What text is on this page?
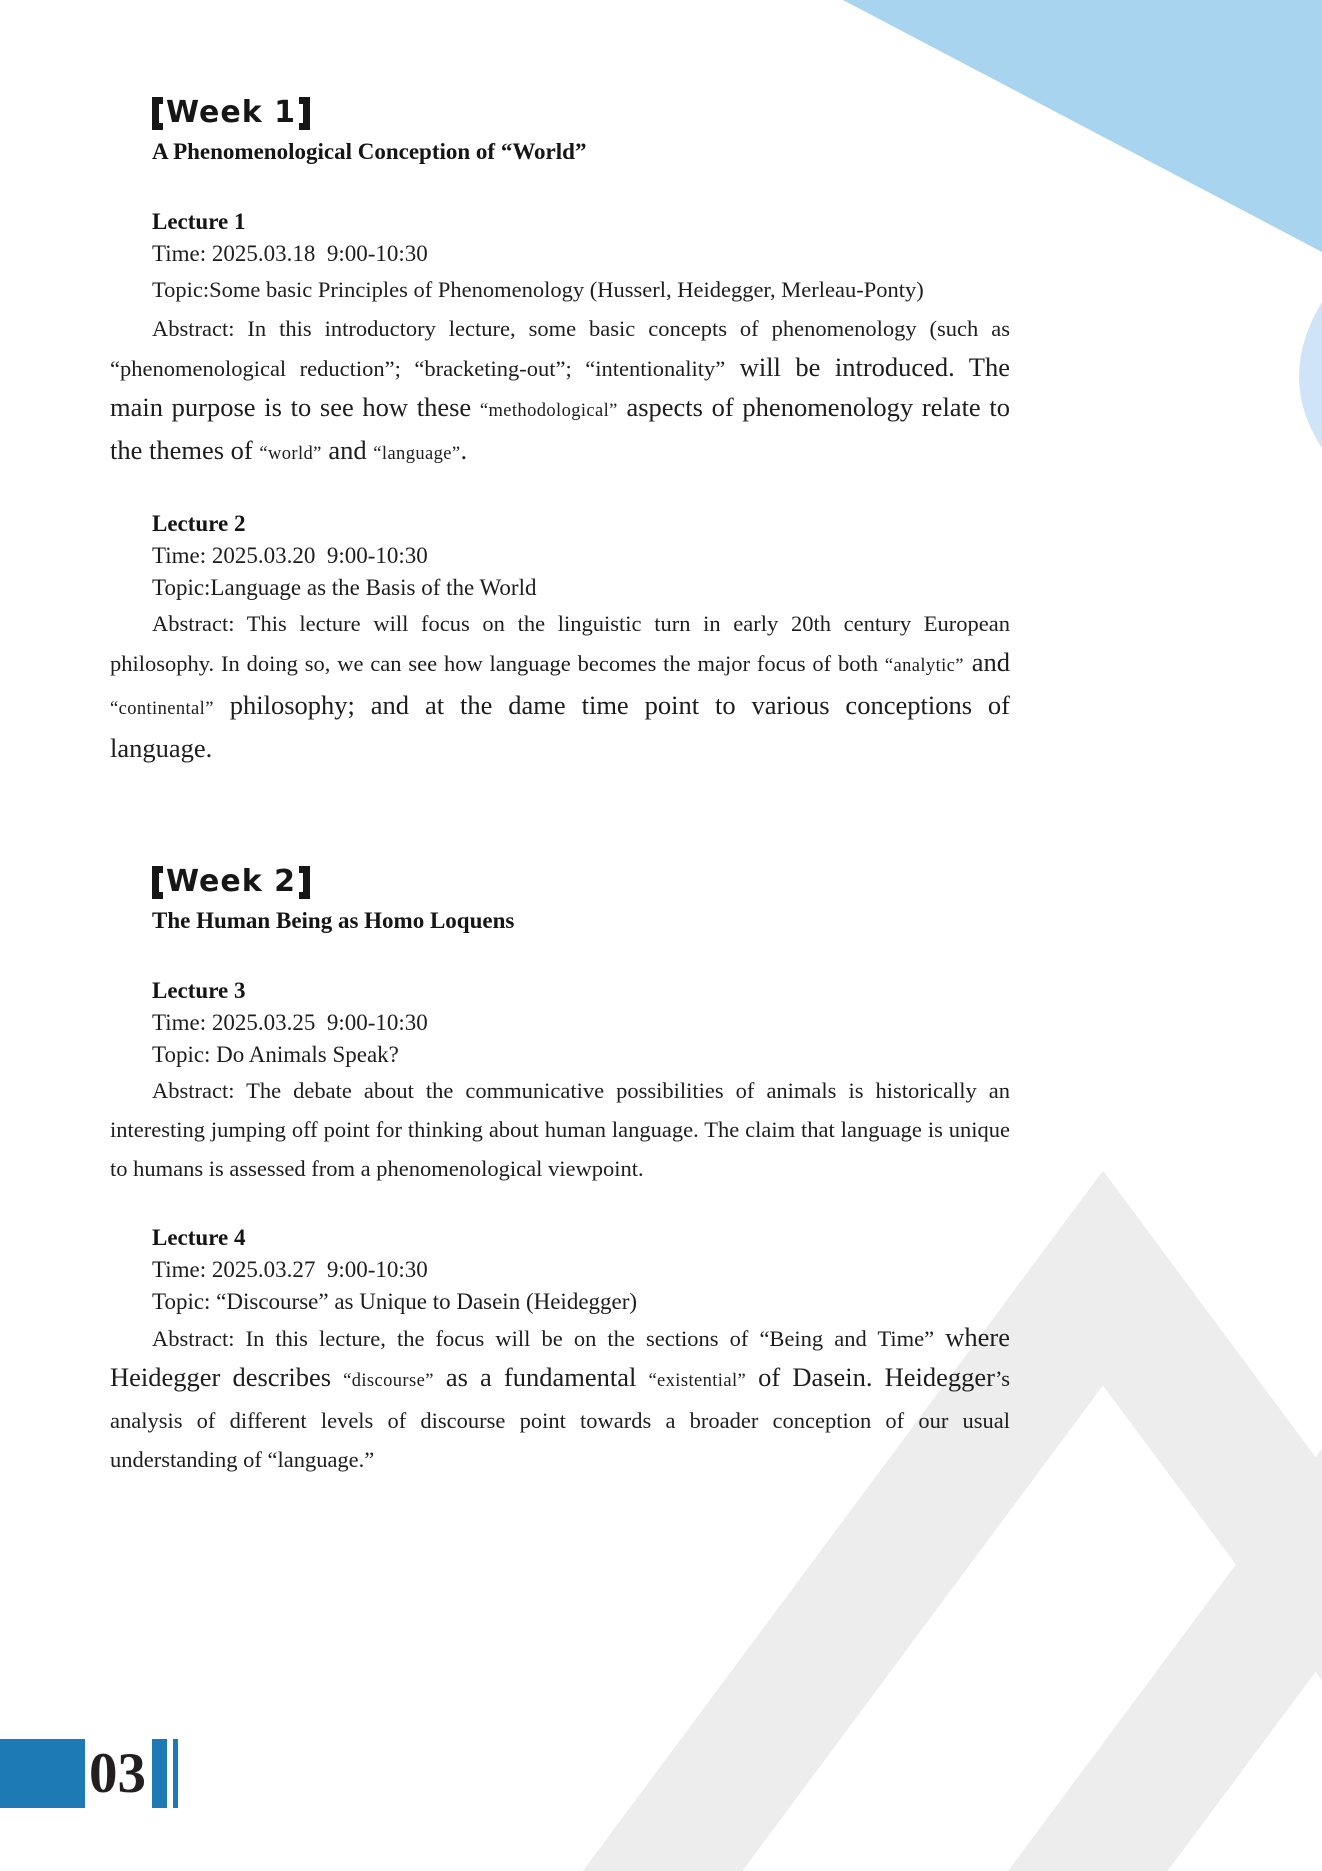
Week 1
A Phenomenological Conception of “World”
Lecture 1
Time: 2025.03.18  9:00-10:30

Topic:Some basic Principles of Phenomenology (Husserl, Heidegger, Merleau-Ponty)

Abstract: In this introductory lecture, some basic concepts of phenomenology (such as “phenomenological reduction”; “bracketing-out”; “intentionality” will be introduced. The main purpose is to see how these “methodological” aspects of phenomenology relate to the themes of “world” and “language”.

Lecture 2
Time: 2025.03.20  9:00-10:30
Topic:Language as the Basis of the World

Abstract: This lecture will focus on the linguistic turn in early 20th century European philosophy. In doing so, we can see how language becomes the major focus of both “analytic” and “continental” philosophy; and at the dame time point to various conceptions of language.

Week 2
The Human Being as Homo Loquens
Lecture 3
Time: 2025.03.25  9:00-10:30
Topic: Do Animals Speak?

Abstract: The debate about the communicative possibilities of animals is historically an interesting jumping off point for thinking about human language. The claim that language is unique to humans is assessed from a phenomenological viewpoint.

Lecture 4
Time: 2025.03.27  9:00-10:30
Topic: “Discourse” as Unique to Dasein (Heidegger)

Abstract: In this lecture, the focus will be on the sections of “Being and Time” where Heidegger describes “discourse” as a fundamental “existential” of Dasein. Heidegger’s analysis of different levels of discourse point towards a broader conception of our usual understanding of “language.”

03
